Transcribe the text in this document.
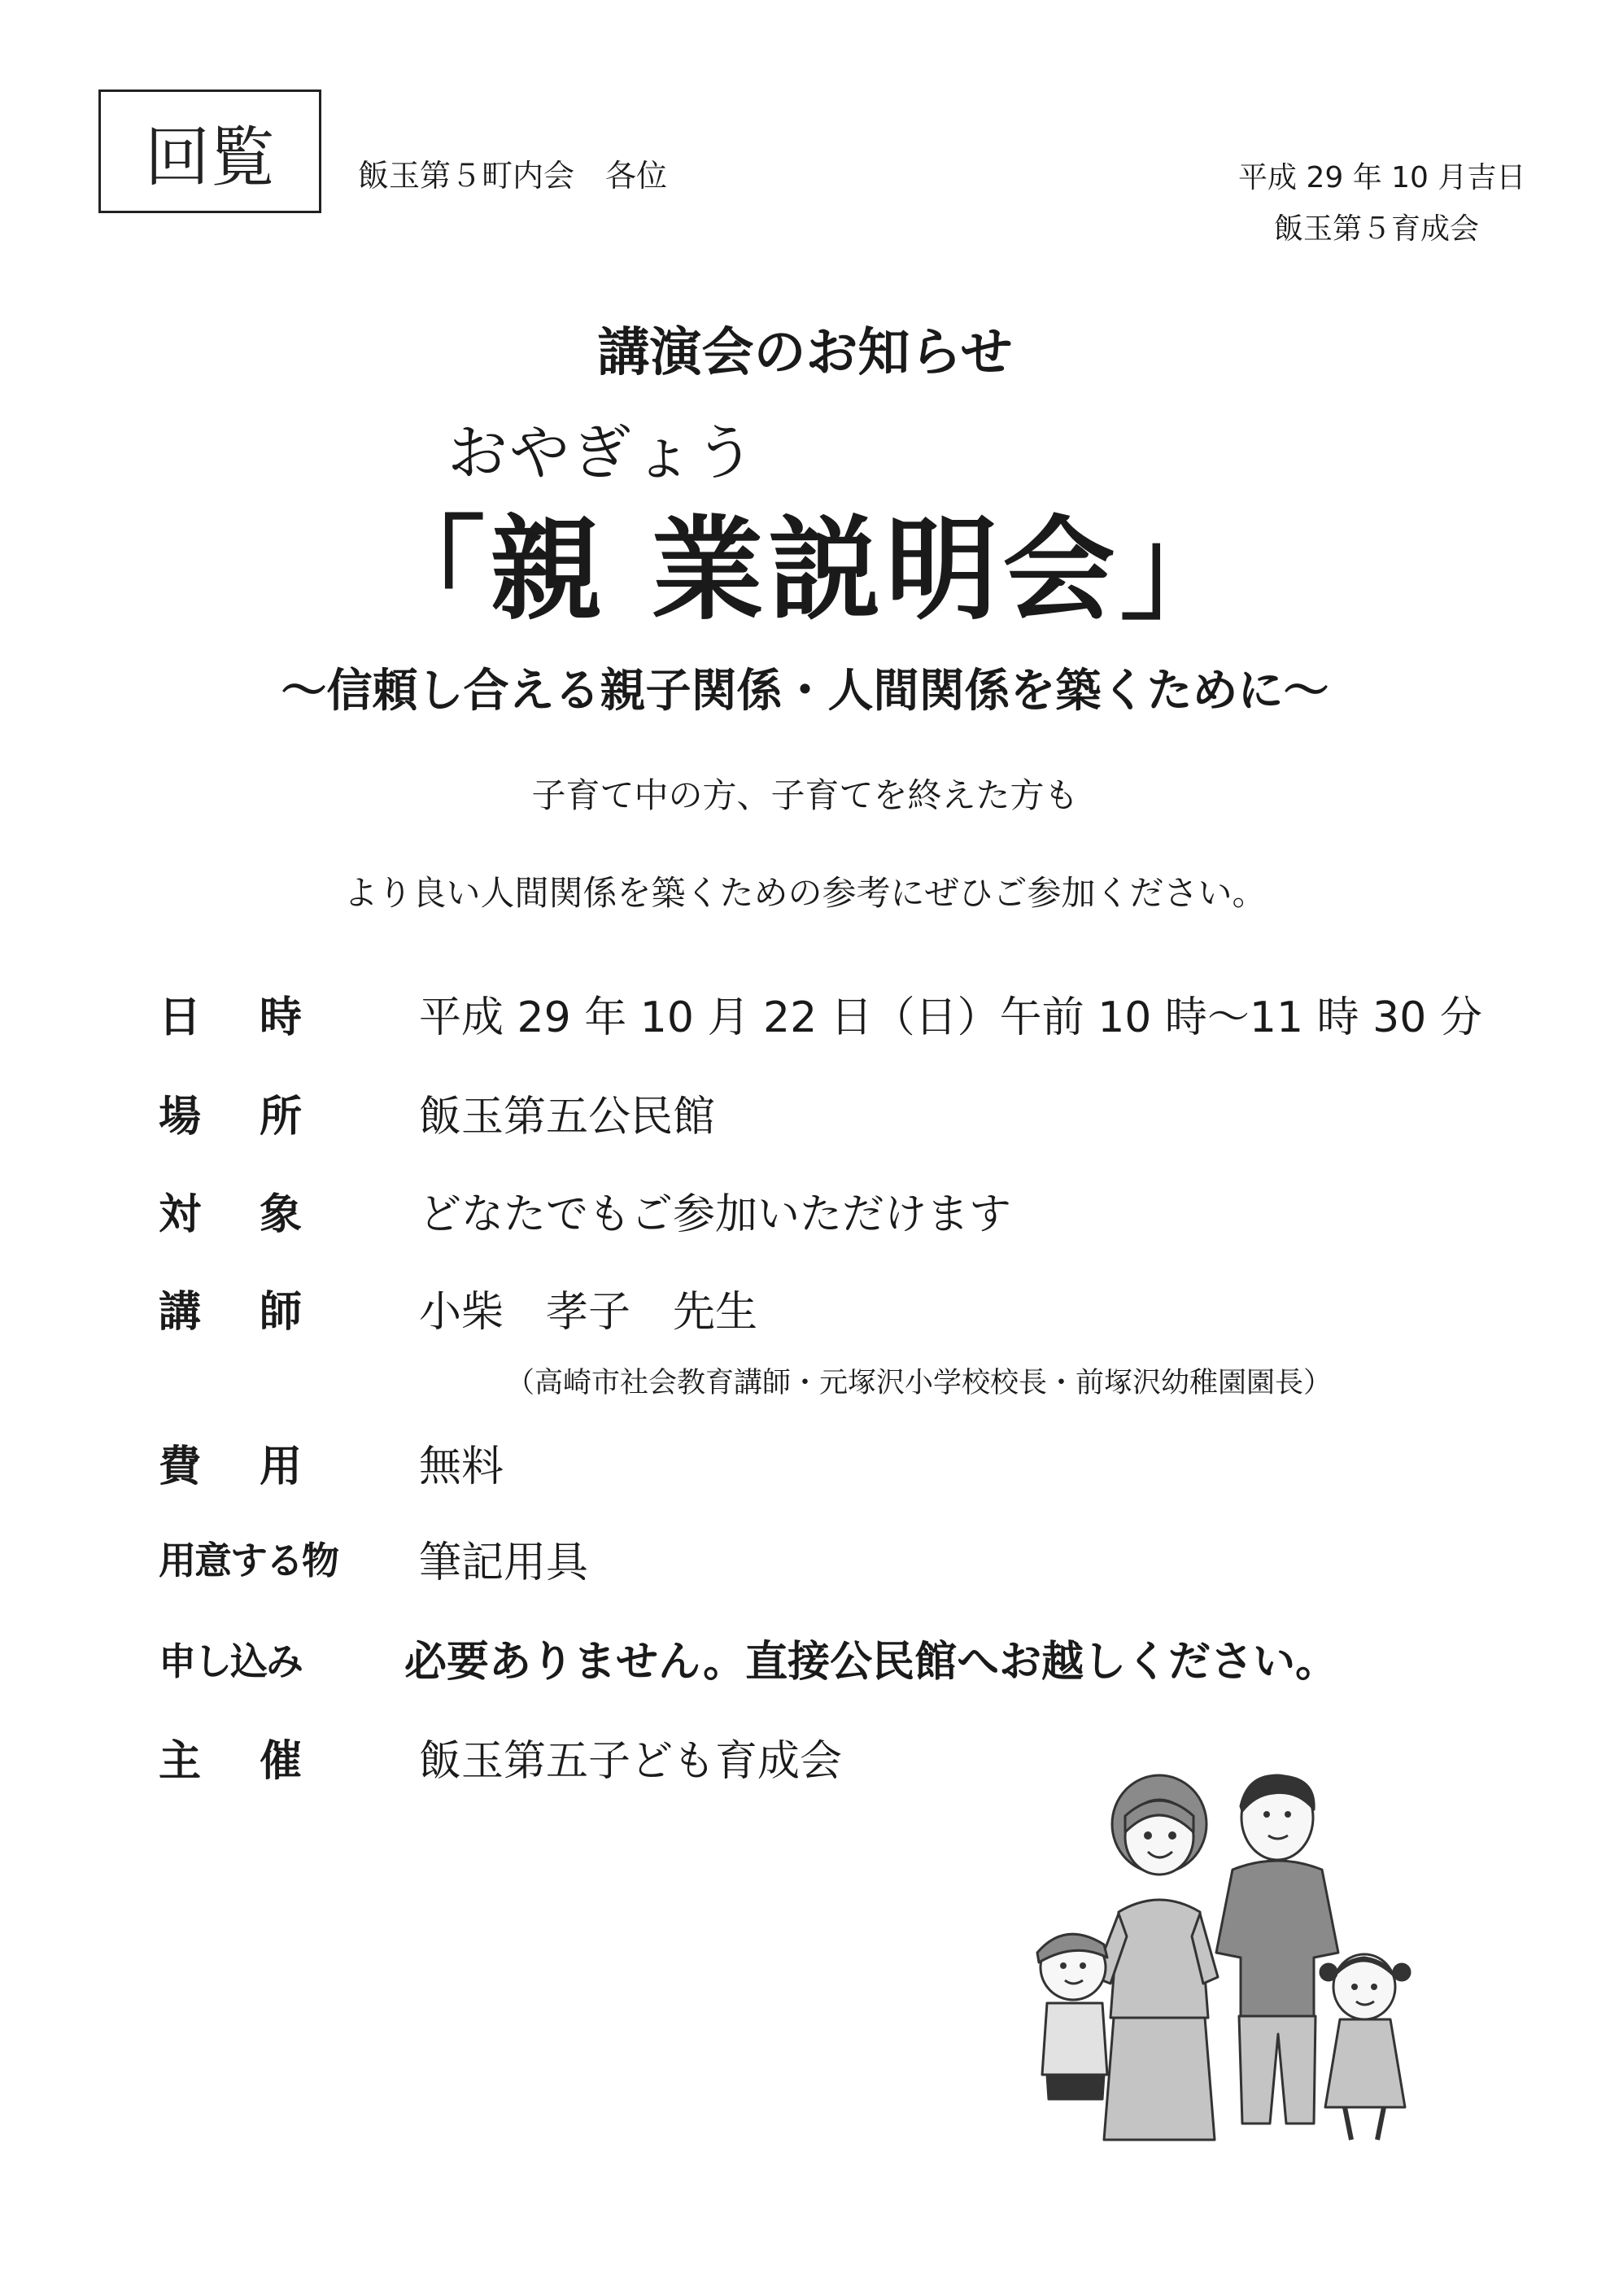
回覧	飯玉第５町内会　各位	平成 29 年 10 月吉日
飯玉第５育成会
講演会のお知らせ
おやぎょう
「親 業説明会」
～信頼し合える親子関係・人間関係を築くために～
子育て中の方、子育てを終えた方も
より良い人間関係を築くための参考にぜひご参加ください。
日時 平成 29 年 10 月 22 日（日）午前 10 時～11 時 30 分
場所 飯玉第五公民館
対象 どなたでもご参加いただけます
講師 小柴　孝子　先生
（高崎市社会教育講師・元塚沢小学校校長・前塚沢幼稚園園長）
費用 無料
用意する物 筆記用具
申し込み 必要ありません。直接公民館へお越しください。
主催 飯玉第五子ども育成会
